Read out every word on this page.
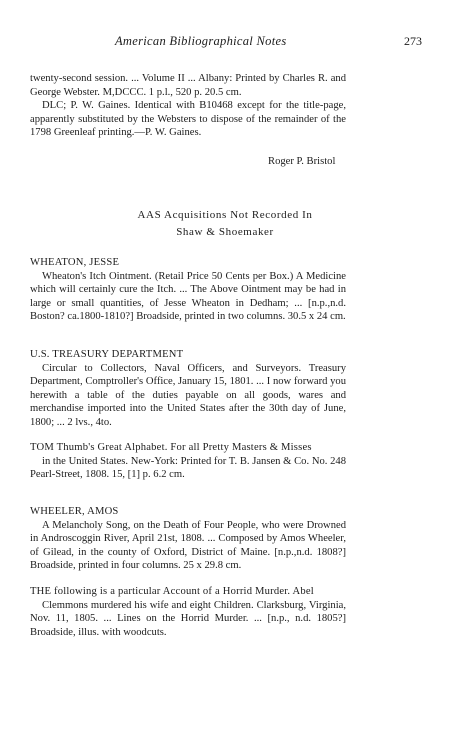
American Bibliographical Notes	273

twenty-second session. ... Volume II ... Albany: Printed by Charles R. and George Webster. M,DCCC. 1 p.l., 520 p. 20.5 cm.

DLC; P. W. Gaines. Identical with B10468 except for the title-page, apparently substituted by the Websters to dispose of the remainder of the 1798 Greenleaf printing.—P. W. Gaines.

Roger P. Bristol
AAS Acquisitions Not Recorded In
Shaw & Shoemaker

WHEATON, JESSE

Wheaton's Itch Ointment. (Retail Price 50 Cents per Box.) A Medicine which will certainly cure the Itch. ... The Above Ointment may be had in large or small quantities, of Jesse Wheaton in Dedham; ... [n.p.,n.d. Boston? ca.1800-1810?] Broadside, printed in two columns. 30.5 x 24 cm.

U.S. TREASURY DEPARTMENT

Circular to Collectors, Naval Officers, and Surveyors. Treasury Department, Comptroller's Office, January 15, 1801. ... I now forward you herewith a table of the duties payable on all goods, wares and merchandise imported into the United States after the 30th day of June, 1800; ... 2 lvs., 4to.

TOM Thumb's Great Alphabet. For all Pretty Masters & Misses

in the United States. New-York: Printed for T. B. Jansen & Co. No. 248 Pearl-Street, 1808. 15, [1] p. 6.2 cm.

WHEELER, AMOS

A Melancholy Song, on the Death of Four People, who were Drowned in Androscoggin River, April 21st, 1808. ... Composed by Amos Wheeler, of Gilead, in the county of Oxford, District of Maine. [n.p.,n.d. 1808?] Broadside, printed in four columns. 25 x 29.8 cm.

THE following is a particular Account of a Horrid Murder. Abel

Clemmons murdered his wife and eight Children. Clarksburg, Virginia, Nov. 11, 1805. ... Lines on the Horrid Murder. ... [n.p., n.d. 1805?] Broadside, illus. with woodcuts.
